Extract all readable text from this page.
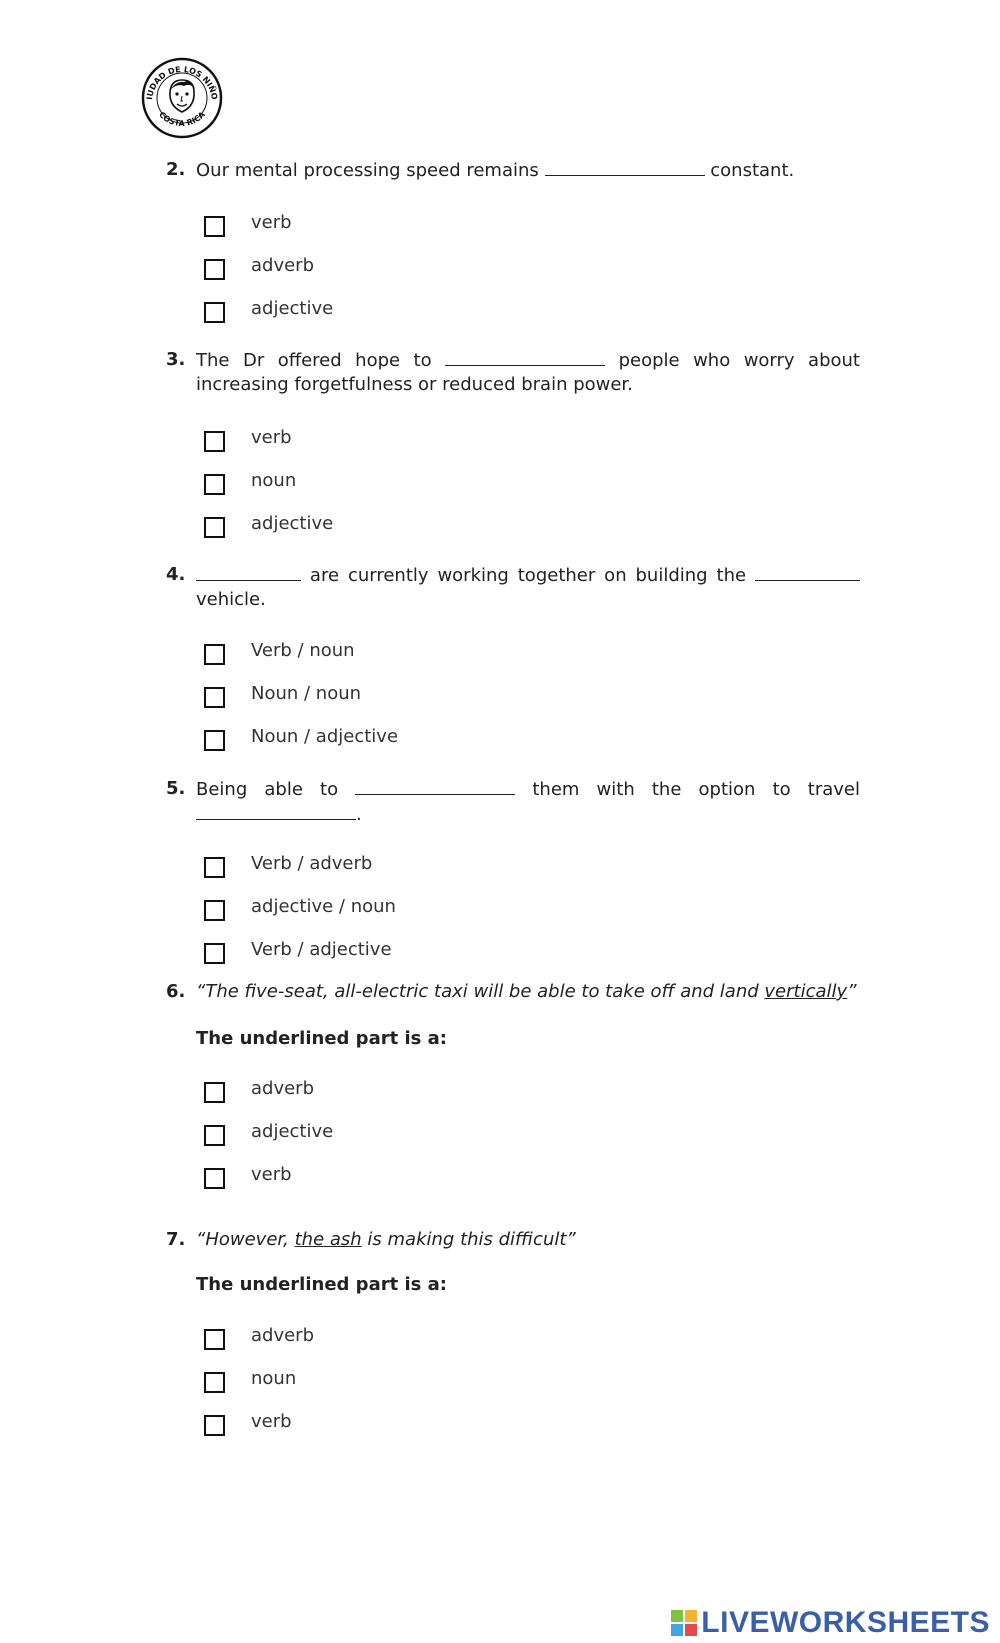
IUDAD DE LOS NIÑO
COSTA RICA
2. Our mental processing speed remains	constant.
verb
adverb
adjective
3. The Dr offered hope to	people who worry about increasing forgetfulness or reduced brain power.
verb
noun
adjective
4.	are currently working together on building the  vehicle.
Verb / noun
Noun / noun
Noun / adjective
5. Being able to	them with the option to travel .
Verb / adverb
adjective / noun
Verb / adjective
6. “The five-seat, all-electric taxi will be able to take off and land vertically”
The underlined part is a:
adverb
adjective
verb
7. “However, the ash is making this difficult”
The underlined part is a:
adverb
noun
verb
LIVEWORKSHEETS
